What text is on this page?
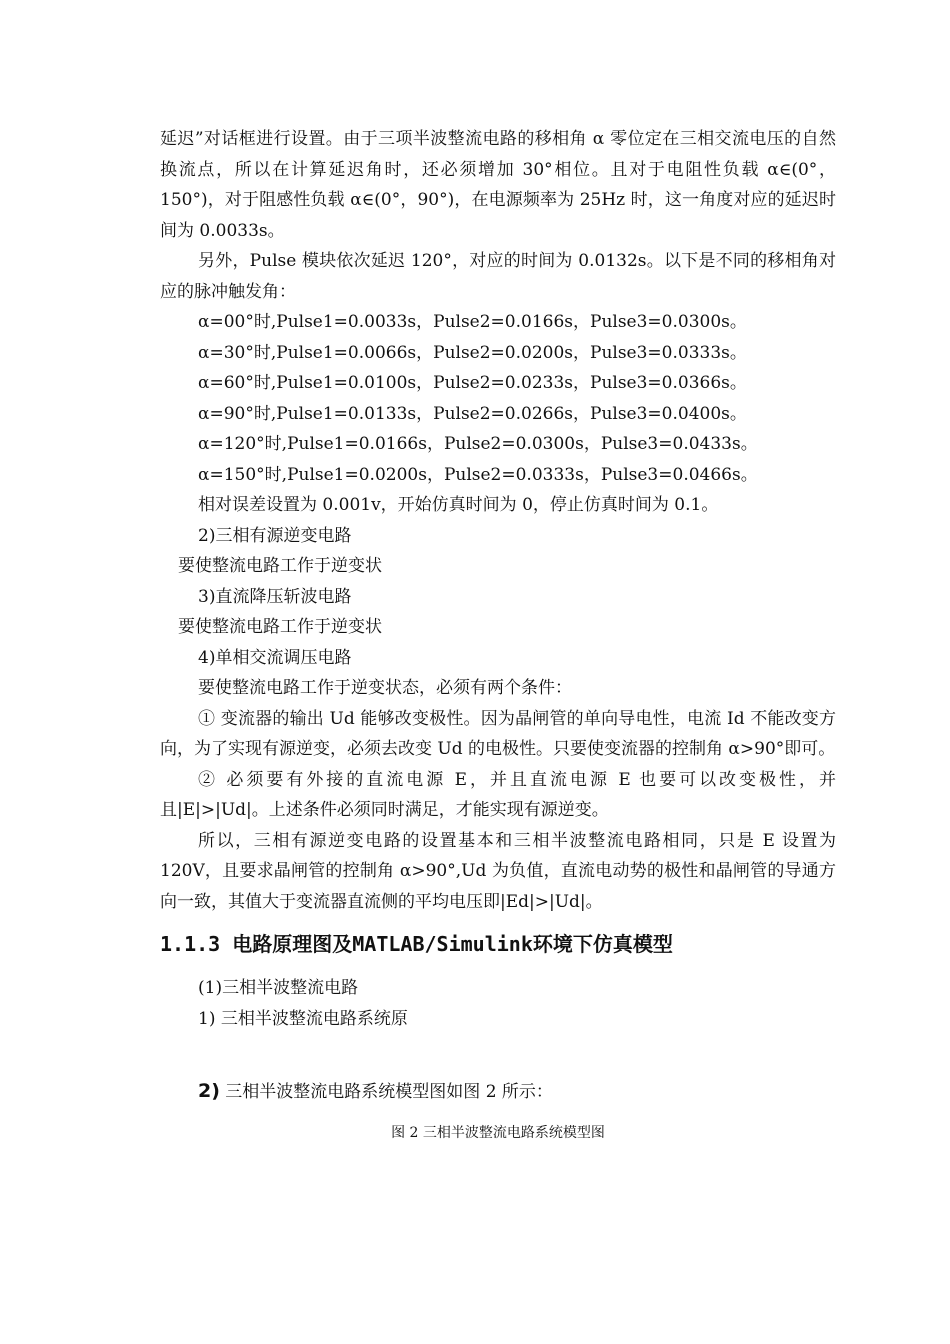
延迟”对话框进行设置。由于三项半波整流电路的移相角 α 零位定在三相交流电压的自然换流点，所以在计算延迟角时，还必须增加 30°相位。且对于电阻性负载 α∈(0°，150°)，对于阻感性负载 α∈(0°，90°)，在电源频率为 25Hz 时，这一角度对应的延迟时间为 0.0033s。

另外，Pulse 模块依次延迟 120°，对应的时间为 0.0132s。以下是不同的移相角对应的脉冲触发角：

α=00°时,Pulse1=0.0033s，Pulse2=0.0166s，Pulse3=0.0300s。

α=30°时,Pulse1=0.0066s，Pulse2=0.0200s，Pulse3=0.0333s。

α=60°时,Pulse1=0.0100s，Pulse2=0.0233s，Pulse3=0.0366s。

α=90°时,Pulse1=0.0133s，Pulse2=0.0266s，Pulse3=0.0400s。

α=120°时,Pulse1=0.0166s，Pulse2=0.0300s，Pulse3=0.0433s。

α=150°时,Pulse1=0.0200s，Pulse2=0.0333s，Pulse3=0.0466s。

相对误差设置为 0.001v，开始仿真时间为 0，停止仿真时间为 0.1。

2)三相有源逆变电路

要使整流电路工作于逆变状

3)直流降压斩波电路

要使整流电路工作于逆变状

4)单相交流调压电路

要使整流电路工作于逆变状态，必须有两个条件：

① 变流器的输出 Ud 能够改变极性。因为晶闸管的单向导电性，电流 Id 不能改变方向，为了实现有源逆变，必须去改变 Ud 的电极性。只要使变流器的控制角 α>90°即可。

② 必须要有外接的直流电源 E，并且直流电源 E 也要可以改变极性，并且|E|>|Ud|。上述条件必须同时满足，才能实现有源逆变。

所以，三相有源逆变电路的设置基本和三相半波整流电路相同，只是 E 设置为 120V，且要求晶闸管的控制角 α>90°,Ud 为负值，直流电动势的极性和晶闸管的导通方向一致，其值大于变流器直流侧的平均电压即|Ed|>|Ud|。

1.1.3 电路原理图及MATLAB/Simulink环境下仿真模型

(1)三相半波整流电路

1) 三相半波整流电路系统原

2) 三相半波整流电路系统模型图如图 2 所示：

图 2 三相半波整流电路系统模型图
